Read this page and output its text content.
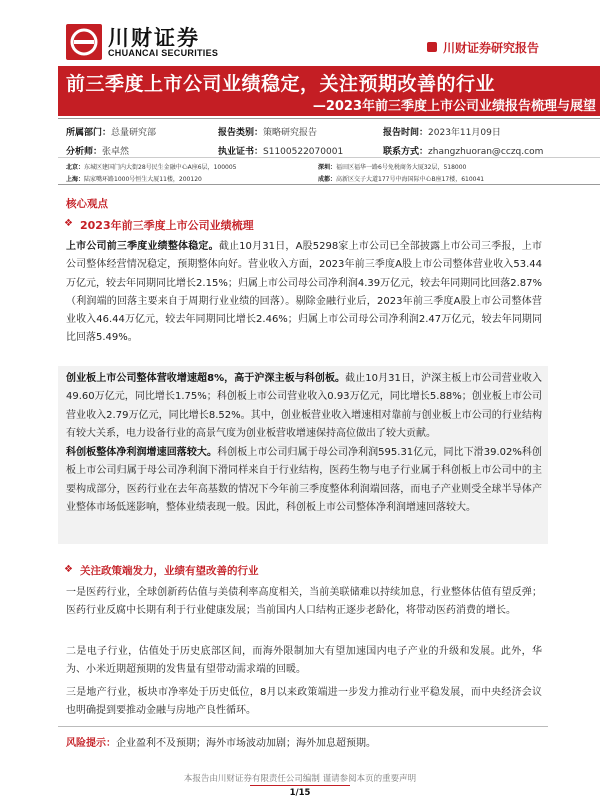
川财证券
CHUANCAI SECURITIES	川财证券研究报告
前三季度上市公司业绩稳定，关注预期改善的行业
—2023年前三季度上市公司业绩报告梳理与展望
所属部门：总量研究部	报告类别：策略研究报告	报告时间：2023年11月09日
分析师：张卓然	执业证书：S1100522070001	联系方式：zhangzhuoran@cczq.com
北京：东城区建国门内大街28号民生金融中心A座6层，100005	深圳：福田区福华一路6号免税商务大厦32层，518000
上海：陆家嘴环路1000号恒生大厦11楼，200120	成都：高新区交子大道177号中海国际中心B座17楼，610041
核心观点
❖ 2023年前三季度上市公司业绩梳理
上市公司前三季度业绩整体稳定。截止10月31日，A股5298家上市公司已全部披露上市公司三季报，上市公司整体经营情况稳定，预期整体向好。营业收入方面，2023年前三季度A股上市公司整体营业收入53.44万亿元，较去年同期同比增长2.15%；归属上市公司母公司净利润4.39万亿元，较去年同期同比回落2.87%（利润端的回落主要来自于周期行业业绩的回落）。剔除金融行业后，2023年前三季度A股上市公司整体营业收入46.44万亿元，较去年同期同比增长2.46%；归属上市公司母公司净利润2.47万亿元，较去年同期同比回落5.49%。
创业板上市公司整体营收增速超8%，高于沪深主板与科创板。截止10月31日，沪深主板上市公司营业收入49.60万亿元，同比增长1.75%；科创板上市公司营业收入0.93万亿元，同比增长5.88%；创业板上市公司营业收入2.79万亿元，同比增长8.52%。其中，创业板营业收入增速相对靠前与创业板上市公司的行业结构有较大关系，电力设备行业的高景气度为创业板营收增速保持高位做出了较大贡献。
科创板整体净利润增速回落较大。科创板上市公司归属于母公司净利润595.31亿元，同比下滑39.02%科创板上市公司归属于母公司净利润下滑同样来自于行业结构，医药生物与电子行业属于科创板上市公司中的主要构成部分，医药行业在去年高基数的情况下今年前三季度整体利润端回落，而电子产业则受全球半导体产业整体市场低迷影响，整体业绩表现一般。因此，科创板上市公司整体净利润增速回落较大。
❖ 关注政策端发力，业绩有望改善的行业
一是医药行业，全球创新药估值与美债利率高度相关，当前美联储难以持续加息，行业整体估值有望反弹；医药行业反腐中长期有利于行业健康发展；当前国内人口结构正逐步老龄化，将带动医药消费的增长。
二是电子行业，估值处于历史底部区间，而海外限制加大有望加速国内电子产业的升级和发展。此外，华为、小米近期超预期的发售量有望带动需求端的回暖。
三是地产行业，板块市净率处于历史低位，8月以来政策端进一步发力推动行业平稳发展，而中央经济会议也明确提到要推动金融与房地产良性循环。
风险提示：企业盈利不及预期；海外市场波动加剧；海外加息超预期。
本报告由川财证券有限责任公司编制 谨请参阅本页的重要声明
1/15
